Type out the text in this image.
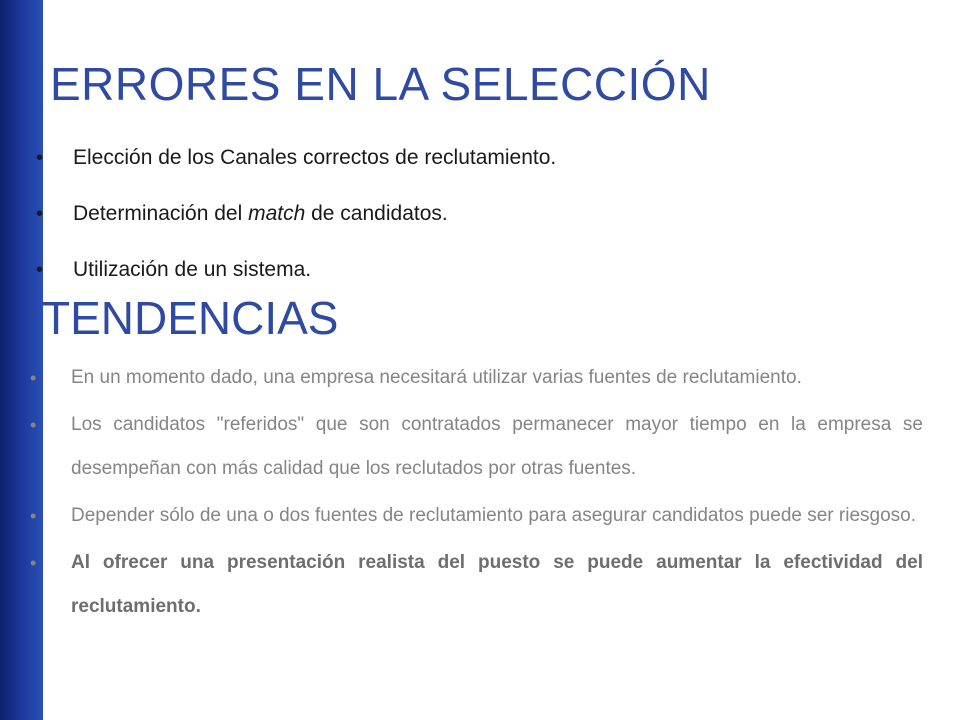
ERRORES EN LA SELECCIÓN
• Elección de los Canales correctos de reclutamiento.
• Determinación del match de candidatos.
• Utilización de un sistema.
TENDENCIAS
• En un momento dado, una empresa necesitará utilizar varias fuentes de reclutamiento.
• Los candidatos "referidos" que son contratados permanecer mayor tiempo en la empresa se desempeñan con más calidad que los reclutados por otras fuentes.
• Depender sólo de una o dos fuentes de reclutamiento para asegurar candidatos puede ser riesgoso.
• Al ofrecer una presentación realista del puesto se puede aumentar la efectividad del reclutamiento.
